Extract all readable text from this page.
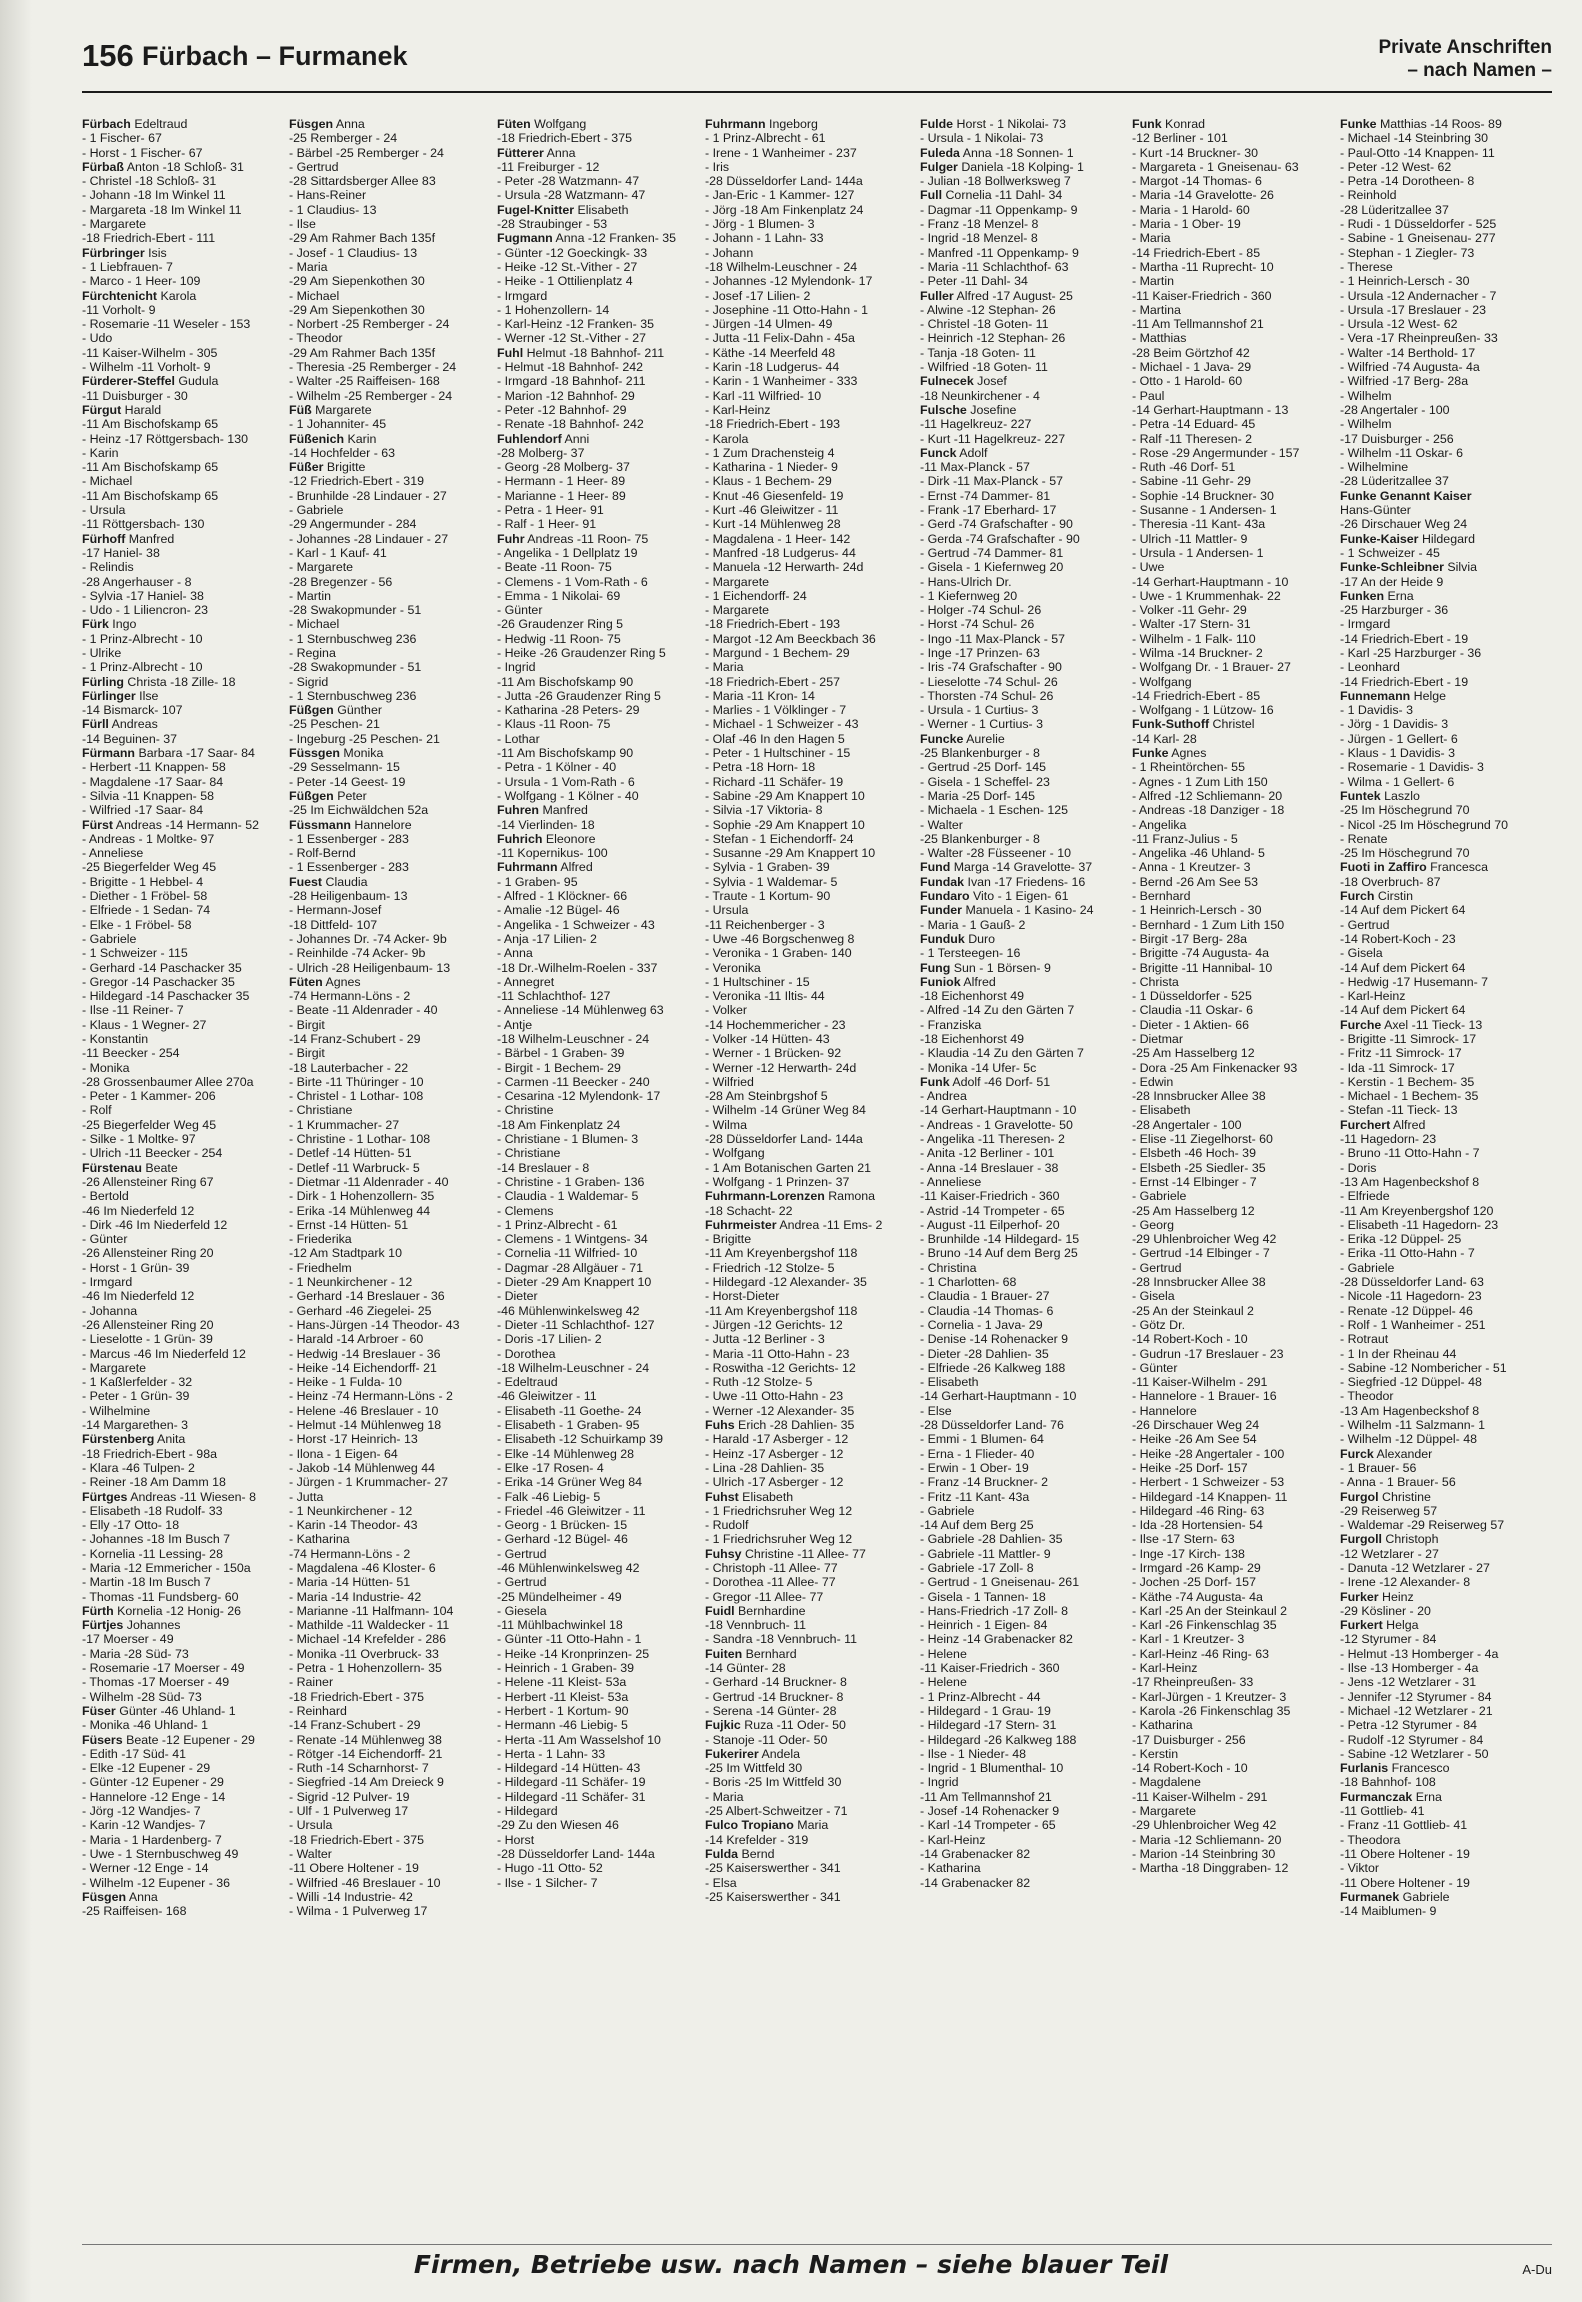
156 Fürbach – Furmanek	Private Anschriften
– nach Namen –
Fürbach Edeltraud
- 1 Fischer- 67
- Horst - 1 Fischer- 67
Fürbaß Anton -18 Schloß- 31
- Christel -18 Schloß- 31
- Johann -18 Im Winkel 11
- Margareta -18 Im Winkel 11
- Margarete
-18 Friedrich-Ebert - 111
Fürbringer Isis
- 1 Liebfrauen- 7
- Marco - 1 Heer- 109
Fürchtenicht Karola
-11 Vorholt- 9
- Rosemarie -11 Weseler - 153
- Udo
-11 Kaiser-Wilhelm - 305
- Wilhelm -11 Vorholt- 9
Fürderer-Steffel Gudula
-11 Duisburger - 30
Fürgut Harald
-11 Am Bischofskamp 65
- Heinz -17 Röttgersbach- 130
- Karin
-11 Am Bischofskamp 65
- Michael
-11 Am Bischofskamp 65
- Ursula
-11 Röttgersbach- 130
Fürhoff Manfred
-17 Haniel- 38
- Relindis
-28 Angerhauser - 8
- Sylvia -17 Haniel- 38
- Udo - 1 Liliencron- 23
Fürk Ingo
- 1 Prinz-Albrecht - 10
- Ulrike
- 1 Prinz-Albrecht - 10
Fürling Christa -18 Zille- 18
Fürlinger Ilse
-14 Bismarck- 107
Fürll Andreas
-14 Beguinen- 37
Fürmann Barbara -17 Saar- 84
- Herbert -11 Knappen- 58
- Magdalene -17 Saar- 84
- Silvia -11 Knappen- 58
- Wilfried -17 Saar- 84
Fürst Andreas -14 Hermann- 52
- Andreas - 1 Moltke- 97
- Anneliese
-25 Biegerfelder Weg 45
- Brigitte - 1 Hebbel- 4
- Diether - 1 Fröbel- 58
- Elfriede - 1 Sedan- 74
- Elke - 1 Fröbel- 58
- Gabriele
- 1 Schweizer - 115
- Gerhard -14 Paschacker 35
- Gregor -14 Paschacker 35
- Hildegard -14 Paschacker 35
- Ilse -11 Reiner- 7
- Klaus - 1 Wegner- 27
- Konstantin
-11 Beecker - 254
- Monika
-28 Grossenbaumer Allee 270a
- Peter - 1 Kammer- 206
- Rolf
-25 Biegerfelder Weg 45
- Silke - 1 Moltke- 97
- Ulrich -11 Beecker - 254
Fürstenau Beate
-26 Allensteiner Ring 67
- Bertold
-46 Im Niederfeld 12
- Dirk -46 Im Niederfeld 12
- Günter
-26 Allensteiner Ring 20
- Horst - 1 Grün- 39
- Irmgard
-46 Im Niederfeld 12
- Johanna
-26 Allensteiner Ring 20
- Lieselotte - 1 Grün- 39
- Marcus -46 Im Niederfeld 12
- Margarete
- 1 Kaßlerfelder - 32
- Peter - 1 Grün- 39
- Wilhelmine
-14 Margarethen- 3
Fürstenberg Anita
-18 Friedrich-Ebert - 98a
- Klara -46 Tulpen- 2
- Reiner -18 Am Damm 18
Fürtges Andreas -11 Wiesen- 8
- Elisabeth -18 Rudolf- 33
- Elly -17 Otto- 18
- Johannes -18 Im Busch 7
- Kornelia -11 Lessing- 28
- Maria -12 Emmericher - 150a
- Martin -18 Im Busch 7
- Thomas -11 Fundsberg- 60
Fürth Kornelia -12 Honig- 26
Fürtjes Johannes
-17 Moerser - 49
- Maria -28 Süd- 73
- Rosemarie -17 Moerser - 49
- Thomas -17 Moerser - 49
- Wilhelm -28 Süd- 73
Füser Günter -46 Uhland- 1
- Monika -46 Uhland- 1
Füsers Beate -12 Eupener - 29
- Edith -17 Süd- 41
- Elke -12 Eupener - 29
- Günter -12 Eupener - 29
- Hannelore -12 Enge - 14
- Jörg -12 Wandjes- 7
- Karin -12 Wandjes- 7
- Maria - 1 Hardenberg- 7
- Uwe - 1 Sternbuschweg 49
- Werner -12 Enge - 14
- Wilhelm -12 Eupener - 36
Füsgen Anna
-25 Raiffeisen- 168
Füsgen Anna
-25 Remberger - 24
- Bärbel -25 Remberger - 24
- Gertrud
-28 Sittardsberger Allee 83
- Hans-Reiner
- 1 Claudius- 13
- Ilse
-29 Am Rahmer Bach 135f
- Josef - 1 Claudius- 13
- Maria
-29 Am Siepenkothen 30
- Michael
-29 Am Siepenkothen 30
- Norbert -25 Remberger - 24
- Theodor
-29 Am Rahmer Bach 135f
- Theresia -25 Remberger - 24
- Walter -25 Raiffeisen- 168
- Wilhelm -25 Remberger - 24
Füß Margarete
- 1 Johanniter- 45
Füßenich Karin
-14 Hochfelder - 63
Füßer Brigitte
-12 Friedrich-Ebert - 319
- Brunhilde -28 Lindauer - 27
- Gabriele
-29 Angermunder - 284
- Johannes -28 Lindauer - 27
- Karl - 1 Kauf- 41
- Margarete
-28 Bregenzer - 56
- Martin
-28 Swakopmunder - 51
- Michael
- 1 Sternbuschweg 236
- Regina
-28 Swakopmunder - 51
- Sigrid
- 1 Sternbuschweg 236
Füßgen Günther
-25 Peschen- 21
- Ingeburg -25 Peschen- 21
Füssgen Monika
-29 Sesselmann- 15
- Peter -14 Geest- 19
Füßgen Peter
-25 Im Eichwäldchen 52a
Füssmann Hannelore
- 1 Essenberger - 283
- Rolf-Bernd
- 1 Essenberger - 283
Fuest Claudia
-28 Heiligenbaum- 13
- Hermann-Josef
-18 Dittfeld- 107
- Johannes Dr. -74 Acker- 9b
- Reinhilde -74 Acker- 9b
- Ulrich -28 Heiligenbaum- 13
Füten Agnes
-74 Hermann-Löns - 2
- Beate -11 Aldenrader - 40
- Birgit
-14 Franz-Schubert - 29
- Birgit
-18 Lauterbacher - 22
- Birte -11 Thüringer - 10
- Christel - 1 Lothar- 108
- Christiane
- 1 Krummacher- 27
- Christine - 1 Lothar- 108
- Detlef -14 Hütten- 51
- Detlef -11 Warbruck- 5
- Dietmar -11 Aldenrader - 40
- Dirk - 1 Hohenzollern- 35
- Erika -14 Mühlenweg 44
- Ernst -14 Hütten- 51
- Friederika
-12 Am Stadtpark 10
- Friedhelm
- 1 Neunkirchener - 12
- Gerhard -14 Breslauer - 36
- Gerhard -46 Ziegelei- 25
- Hans-Jürgen -14 Theodor- 43
- Harald -14 Arbroer - 60
- Hedwig -14 Breslauer - 36
- Heike -14 Eichendorff- 21
- Heike - 1 Fulda- 10
- Heinz -74 Hermann-Löns - 2
- Helene -46 Breslauer - 10
- Helmut -14 Mühlenweg 18
- Horst -17 Heinrich- 13
- Ilona - 1 Eigen- 64
- Jakob -14 Mühlenweg 44
- Jürgen - 1 Krummacher- 27
- Jutta
- 1 Neunkirchener - 12
- Karin -14 Theodor- 43
- Katharina
-74 Hermann-Löns - 2
- Magdalena -46 Kloster- 6
- Maria -14 Hütten- 51
- Maria -14 Industrie- 42
- Marianne -11 Halfmann- 104
- Mathilde -11 Waldecker - 11
- Michael -14 Krefelder - 286
- Monika -11 Overbruck- 33
- Petra - 1 Hohenzollern- 35
- Rainer
-18 Friedrich-Ebert - 375
- Reinhard
-14 Franz-Schubert - 29
- Renate -14 Mühlenweg 38
- Rötger -14 Eichendorff- 21
- Ruth -14 Scharnhorst- 7
- Siegfried -14 Am Dreieck 9
- Sigrid -12 Pulver- 19
- Ulf - 1 Pulverweg 17
- Ursula
-18 Friedrich-Ebert - 375
- Walter
-11 Obere Holtener - 19
- Wilfried -46 Breslauer - 10
- Willi -14 Industrie- 42
- Wilma - 1 Pulverweg 17
Füten Wolfgang
-18 Friedrich-Ebert - 375
Fütterer Anna
-11 Freiburger - 12
- Peter -28 Watzmann- 47
- Ursula -28 Watzmann- 47
Fugel-Knitter Elisabeth
-28 Straubinger - 53
Fugmann Anna -12 Franken- 35
- Günter -12 Goeckingk- 33
- Heike -12 St.-Vither - 27
- Heike - 1 Ottilienplatz 4
- Irmgard
- 1 Hohenzollern- 14
- Karl-Heinz -12 Franken- 35
- Werner -12 St.-Vither - 27
Fuhl Helmut -18 Bahnhof- 211
- Helmut -18 Bahnhof- 242
- Irmgard -18 Bahnhof- 211
- Marion -12 Bahnhof- 29
- Peter -12 Bahnhof- 29
- Renate -18 Bahnhof- 242
Fuhlendorf Anni
-28 Molberg- 37
- Georg -28 Molberg- 37
- Hermann - 1 Heer- 89
- Marianne - 1 Heer- 89
- Petra - 1 Heer- 91
- Ralf - 1 Heer- 91
Fuhr Andreas -11 Roon- 75
- Angelika - 1 Dellplatz 19
- Beate -11 Roon- 75
- Clemens - 1 Vom-Rath - 6
- Emma - 1 Nikolai- 69
- Günter
-26 Graudenzer Ring 5
- Hedwig -11 Roon- 75
- Heike -26 Graudenzer Ring 5
- Ingrid
-11 Am Bischofskamp 90
- Jutta -26 Graudenzer Ring 5
- Katharina -28 Peters- 29
- Klaus -11 Roon- 75
- Lothar
-11 Am Bischofskamp 90
- Petra - 1 Kölner - 40
- Ursula - 1 Vom-Rath - 6
- Wolfgang - 1 Kölner - 40
Fuhren Manfred
-14 Vierlinden- 18
Fuhrich Eleonore
-11 Kopernikus- 100
Fuhrmann Alfred
- 1 Graben- 95
- Alfred - 1 Klöckner- 66
- Amalie -12 Bügel- 46
- Angelika - 1 Schweizer - 43
- Anja -17 Lilien- 2
- Anna
-18 Dr.-Wilhelm-Roelen - 337
- Annegret
-11 Schlachthof- 127
- Anneliese -14 Mühlenweg 63
- Antje
-18 Wilhelm-Leuschner - 24
- Bärbel - 1 Graben- 39
- Birgit - 1 Bechem- 29
- Carmen -11 Beecker - 240
- Cesarina -12 Mylendonk- 17
- Christine
-18 Am Finkenplatz 24
- Christiane - 1 Blumen- 3
- Christiane
-14 Breslauer - 8
- Christine - 1 Graben- 136
- Claudia - 1 Waldemar- 5
- Clemens
- 1 Prinz-Albrecht - 61
- Clemens - 1 Wintgens- 34
- Cornelia -11 Wilfried- 10
- Dagmar -28 Allgäuer - 71
- Dieter -29 Am Knappert 10
- Dieter
-46 Mühlenwinkelsweg 42
- Dieter -11 Schlachthof- 127
- Doris -17 Lilien- 2
- Dorothea
-18 Wilhelm-Leuschner - 24
- Edeltraud
-46 Gleiwitzer - 11
- Elisabeth -11 Goethe- 24
- Elisabeth - 1 Graben- 95
- Elisabeth -12 Schuirkamp 39
- Elke -14 Mühlenweg 28
- Elke -17 Rosen- 4
- Erika -14 Grüner Weg 84
- Falk -46 Liebig- 5
- Friedel -46 Gleiwitzer - 11
- Georg - 1 Brücken- 15
- Gerhard -12 Bügel- 46
- Gertrud
-46 Mühlenwinkelsweg 42
- Gertrud
-25 Mündelheimer - 49
- Giesela
-11 Mühlbachwinkel 18
- Günter -11 Otto-Hahn - 1
- Heike -14 Kronprinzen- 25
- Heinrich - 1 Graben- 39
- Helene -11 Kleist- 53a
- Herbert -11 Kleist- 53a
- Herbert - 1 Kortum- 90
- Hermann -46 Liebig- 5
- Herta -11 Am Wasselshof 10
- Herta - 1 Lahn- 33
- Hildegard -14 Hütten- 43
- Hildegard -11 Schäfer- 19
- Hildegard -11 Schäfer- 31
- Hildegard
-29 Zu den Wiesen 46
- Horst
-28 Düsseldorfer Land- 144a
- Hugo -11 Otto- 52
- Ilse - 1 Silcher- 7
Fuhrmann Ingeborg
- 1 Prinz-Albrecht - 61
- Irene - 1 Wanheimer - 237
- Iris
-28 Düsseldorfer Land- 144a
- Jan-Eric - 1 Kammer- 127
- Jörg -18 Am Finkenplatz 24
- Jörg - 1 Blumen- 3
- Johann - 1 Lahn- 33
- Johann
-18 Wilhelm-Leuschner - 24
- Johannes -12 Mylendonk- 17
- Josef -17 Lilien- 2
- Josephine -11 Otto-Hahn - 1
- Jürgen -14 Ulmen- 49
- Jutta -11 Felix-Dahn - 45a
- Käthe -14 Meerfeld 48
- Karin -18 Ludgerus- 44
- Karin - 1 Wanheimer - 333
- Karl -11 Wilfried- 10
- Karl-Heinz
-18 Friedrich-Ebert - 193
- Karola
- 1 Zum Drachensteig 4
- Katharina - 1 Nieder- 9
- Klaus - 1 Bechem- 29
- Knut -46 Giesenfeld- 19
- Kurt -46 Gleiwitzer - 11
- Kurt -14 Mühlenweg 28
- Magdalena - 1 Heer- 142
- Manfred -18 Ludgerus- 44
- Manuela -12 Herwarth- 24d
- Margarete
- 1 Eichendorff- 24
- Margarete
-18 Friedrich-Ebert - 193
- Margot -12 Am Beeckbach 36
- Margund - 1 Bechem- 29
- Maria
-18 Friedrich-Ebert - 257
- Maria -11 Kron- 14
- Marlies - 1 Völklinger - 7
- Michael - 1 Schweizer - 43
- Olaf -46 In den Hagen 5
- Peter - 1 Hultschiner - 15
- Petra -18 Horn- 18
- Richard -11 Schäfer- 19
- Sabine -29 Am Knappert 10
- Silvia -17 Viktoria- 8
- Sophie -29 Am Knappert 10
- Stefan - 1 Eichendorff- 24
- Susanne -29 Am Knappert 10
- Sylvia - 1 Graben- 39
- Sylvia - 1 Waldemar- 5
- Traute - 1 Kortum- 90
- Ursula
-11 Reichenberger - 3
- Uwe -46 Borgschenweg 8
- Veronika - 1 Graben- 140
- Veronika
- 1 Hultschiner - 15
- Veronika -11 Iltis- 44
- Volker
-14 Hochemmericher - 23
- Volker -14 Hütten- 43
- Werner - 1 Brücken- 92
- Werner -12 Herwarth- 24d
- Wilfried
-28 Am Steinbrgshof 5
- Wilhelm -14 Grüner Weg 84
- Wilma
-28 Düsseldorfer Land- 144a
- Wolfgang
- 1 Am Botanischen Garten 21
- Wolfgang - 1 Prinzen- 37
Fuhrmann-Lorenzen Ramona
-18 Schacht- 22
Fuhrmeister Andrea -11 Ems- 2
- Brigitte
-11 Am Kreyenbergshof 118
- Friedrich -12 Stolze- 5
- Hildegard -12 Alexander- 35
- Horst-Dieter
-11 Am Kreyenbergshof 118
- Jürgen -12 Gerichts- 12
- Jutta -12 Berliner - 3
- Maria -11 Otto-Hahn - 23
- Roswitha -12 Gerichts- 12
- Ruth -12 Stolze- 5
- Uwe -11 Otto-Hahn - 23
- Werner -12 Alexander- 35
Fuhs Erich -28 Dahlien- 35
- Harald -17 Asberger - 12
- Heinz -17 Asberger - 12
- Lina -28 Dahlien- 35
- Ulrich -17 Asberger - 12
Fuhst Elisabeth
- 1 Friedrichsruher Weg 12
- Rudolf
- 1 Friedrichsruher Weg 12
Fuhsy Christine -11 Allee- 77
- Christoph -11 Allee- 77
- Dorothea -11 Allee- 77
- Gregor -11 Allee- 77
Fuidl Bernhardine
-18 Vennbruch- 11
- Sandra -18 Vennbruch- 11
Fuiten Bernhard
-14 Günter- 28
- Gerhard -14 Bruckner- 8
- Gertrud -14 Bruckner- 8
- Serena -14 Günter- 28
Fujkic Ruza -11 Oder- 50
- Stanoje -11 Oder- 50
Fukerirer Andela
-25 Im Wittfeld 30
- Boris -25 Im Wittfeld 30
- Maria
-25 Albert-Schweitzer - 71
Fulco Tropiano Maria
-14 Krefelder - 319
Fulda Bernd
-25 Kaiserswerther - 341
- Elsa
-25 Kaiserswerther - 341
Fulde Horst - 1 Nikolai- 73
- Ursula - 1 Nikolai- 73
Fuleda Anna -18 Sonnen- 1
Fulger Daniela -18 Kolping- 1
- Julian -18 Bollwerksweg 7
Full Cornelia -11 Dahl- 34
- Dagmar -11 Oppenkamp- 9
- Franz -18 Menzel- 8
- Ingrid -18 Menzel- 8
- Manfred -11 Oppenkamp- 9
- Maria -11 Schlachthof- 63
- Peter -11 Dahl- 34
Fuller Alfred -17 August- 25
- Alwine -12 Stephan- 26
- Christel -18 Goten- 11
- Heinrich -12 Stephan- 26
- Tanja -18 Goten- 11
- Wilfried -18 Goten- 11
Fulnecek Josef
-18 Neunkirchener - 4
Fulsche Josefine
-11 Hagelkreuz- 227
- Kurt -11 Hagelkreuz- 227
Funck Adolf
-11 Max-Planck - 57
- Dirk -11 Max-Planck - 57
- Ernst -74 Dammer- 81
- Frank -17 Eberhard- 17
- Gerd -74 Grafschafter - 90
- Gerda -74 Grafschafter - 90
- Gertrud -74 Dammer- 81
- Gisela - 1 Kiefernweg 20
- Hans-Ulrich Dr.
- 1 Kiefernweg 20
- Holger -74 Schul- 26
- Horst -74 Schul- 26
- Ingo -11 Max-Planck - 57
- Inge -17 Prinzen- 63
- Iris -74 Grafschafter - 90
- Lieselotte -74 Schul- 26
- Thorsten -74 Schul- 26
- Ursula - 1 Curtius- 3
- Werner - 1 Curtius- 3
Funcke Aurelie
-25 Blankenburger - 8
- Gertrud -25 Dorf- 145
- Gisela - 1 Scheffel- 23
- Maria -25 Dorf- 145
- Michaela - 1 Eschen- 125
- Walter
-25 Blankenburger - 8
- Walter -28 Füsseener - 10
Fund Marga -14 Gravelotte- 37
Fundak Ivan -17 Friedens- 16
Fundaro Vito - 1 Eigen- 61
Funder Manuela - 1 Kasino- 24
- Maria - 1 Gauß- 2
Funduk Duro
- 1 Tersteegen- 16
Fung Sun - 1 Börsen- 9
Funiok Alfred
-18 Eichenhorst 49
- Alfred -14 Zu den Gärten 7
- Franziska
-18 Eichenhorst 49
- Klaudia -14 Zu den Gärten 7
- Monika -14 Ufer- 5c
Funk Adolf -46 Dorf- 51
- Andrea
-14 Gerhart-Hauptmann - 10
- Andreas - 1 Gravelotte- 50
- Angelika -11 Theresen- 2
- Anita -12 Berliner - 101
- Anna -14 Breslauer - 38
- Anneliese
-11 Kaiser-Friedrich - 360
- Astrid -14 Trompeter - 65
- August -11 Eilperhof- 20
- Brunhilde -14 Hildegard- 15
- Bruno -14 Auf dem Berg 25
- Christina
- 1 Charlotten- 68
- Claudia - 1 Brauer- 27
- Claudia -14 Thomas- 6
- Cornelia - 1 Java- 29
- Denise -14 Rohenacker 9
- Dieter -28 Dahlien- 35
- Elfriede -26 Kalkweg 188
- Elisabeth
-14 Gerhart-Hauptmann - 10
- Else
-28 Düsseldorfer Land- 76
- Emmi - 1 Blumen- 64
- Erna - 1 Flieder- 40
- Erwin - 1 Ober- 19
- Franz -14 Bruckner- 2
- Fritz -11 Kant- 43a
- Gabriele
-14 Auf dem Berg 25
- Gabriele -28 Dahlien- 35
- Gabriele -11 Mattler- 9
- Gabriele -17 Zoll- 8
- Gertrud - 1 Gneisenau- 261
- Gisela - 1 Tannen- 18
- Hans-Friedrich -17 Zoll- 8
- Heinrich - 1 Eigen- 84
- Heinz -14 Grabenacker 82
- Helene
-11 Kaiser-Friedrich - 360
- Helene
- 1 Prinz-Albrecht - 44
- Hildegard - 1 Grau- 19
- Hildegard -17 Stern- 31
- Hildegard -26 Kalkweg 188
- Ilse - 1 Nieder- 48
- Ingrid - 1 Blumenthal- 10
- Ingrid
-11 Am Tellmannshof 21
- Josef -14 Rohenacker 9
- Karl -14 Trompeter - 65
- Karl-Heinz
-14 Grabenacker 82
- Katharina
-14 Grabenacker 82
Funk Konrad
-12 Berliner - 101
- Kurt -14 Bruckner- 30
- Margareta - 1 Gneisenau- 63
- Margot -14 Thomas- 6
- Maria -14 Gravelotte- 26
- Maria - 1 Harold- 60
- Maria - 1 Ober- 19
- Maria
-14 Friedrich-Ebert - 85
- Martha -11 Ruprecht- 10
- Martin
-11 Kaiser-Friedrich - 360
- Martina
-11 Am Tellmannshof 21
- Matthias
-28 Beim Görtzhof 42
- Michael - 1 Java- 29
- Otto - 1 Harold- 60
- Paul
-14 Gerhart-Hauptmann - 13
- Petra -14 Eduard- 45
- Ralf -11 Theresen- 2
- Rose -29 Angermunder - 157
- Ruth -46 Dorf- 51
- Sabine -11 Gehr- 29
- Sophie -14 Bruckner- 30
- Susanne - 1 Andersen- 1
- Theresia -11 Kant- 43a
- Ulrich -11 Mattler- 9
- Ursula - 1 Andersen- 1
- Uwe
-14 Gerhart-Hauptmann - 10
- Uwe - 1 Krummenhak- 22
- Volker -11 Gehr- 29
- Walter -17 Stern- 31
- Wilhelm - 1 Falk- 110
- Wilma -14 Bruckner- 2
- Wolfgang Dr. - 1 Brauer- 27
- Wolfgang
-14 Friedrich-Ebert - 85
- Wolfgang - 1 Lützow- 16
Funk-Suthoff Christel
-14 Karl- 28
Funke Agnes
- 1 Rheintörchen- 55
- Agnes - 1 Zum Lith 150
- Alfred -12 Schliemann- 20
- Andreas -18 Danziger - 18
- Angelika
-11 Franz-Julius - 5
- Angelika -46 Uhland- 5
- Anna - 1 Kreutzer- 3
- Bernd -26 Am See 53
- Bernhard
- 1 Heinrich-Lersch - 30
- Bernhard - 1 Zum Lith 150
- Birgit -17 Berg- 28a
- Brigitte -74 Augusta- 4a
- Brigitte -11 Hannibal- 10
- Christa
- 1 Düsseldorfer - 525
- Claudia -11 Oskar- 6
- Dieter - 1 Aktien- 66
- Dietmar
-25 Am Hasselberg 12
- Dora -25 Am Finkenacker 93
- Edwin
-28 Innsbrucker Allee 38
- Elisabeth
-28 Angertaler - 100
- Elise -11 Ziegelhorst- 60
- Elsbeth -46 Hoch- 39
- Elsbeth -25 Siedler- 35
- Ernst -14 Elbinger - 7
- Gabriele
-25 Am Hasselberg 12
- Georg
-29 Uhlenbroicher Weg 42
- Gertrud -14 Elbinger - 7
- Gertrud
-28 Innsbrucker Allee 38
- Gisela
-25 An der Steinkaul 2
- Götz Dr.
-14 Robert-Koch - 10
- Gudrun -17 Breslauer - 23
- Günter
-11 Kaiser-Wilhelm - 291
- Hannelore - 1 Brauer- 16
- Hannelore
-26 Dirschauer Weg 24
- Heike -26 Am See 54
- Heike -28 Angertaler - 100
- Heike -25 Dorf- 157
- Herbert - 1 Schweizer - 53
- Hildegard -14 Knappen- 11
- Hildegard -46 Ring- 63
- Ida -28 Hortensien- 54
- Ilse -17 Stern- 63
- Inge -17 Kirch- 138
- Irmgard -26 Kamp- 29
- Jochen -25 Dorf- 157
- Käthe -74 Augusta- 4a
- Karl -25 An der Steinkaul 2
- Karl -26 Finkenschlag 35
- Karl - 1 Kreutzer- 3
- Karl-Heinz -46 Ring- 63
- Karl-Heinz
-17 Rheinpreußen- 33
- Karl-Jürgen - 1 Kreutzer- 3
- Karola -26 Finkenschlag 35
- Katharina
-17 Duisburger - 256
- Kerstin
-14 Robert-Koch - 10
- Magdalene
-11 Kaiser-Wilhelm - 291
- Margarete
-29 Uhlenbroicher Weg 42
- Maria -12 Schliemann- 20
- Marion -14 Steinbring 30
- Martha -18 Dinggraben- 12
Funke Matthias -14 Roos- 89
- Michael -14 Steinbring 30
- Paul-Otto -14 Knappen- 11
- Peter -12 West- 62
- Petra -14 Dorotheen- 8
- Reinhold
-28 Lüderitzallee 37
- Rudi - 1 Düsseldorfer - 525
- Sabine - 1 Gneisenau- 277
- Stephan - 1 Ziegler- 73
- Therese
- 1 Heinrich-Lersch - 30
- Ursula -12 Andernacher - 7
- Ursula -17 Breslauer - 23
- Ursula -12 West- 62
- Vera -17 Rheinpreußen- 33
- Walter -14 Berthold- 17
- Wilfried -74 Augusta- 4a
- Wilfried -17 Berg- 28a
- Wilhelm
-28 Angertaler - 100
- Wilhelm
-17 Duisburger - 256
- Wilhelm -11 Oskar- 6
- Wilhelmine
-28 Lüderitzallee 37
Funke Genannt Kaiser
Hans-Günter
-26 Dirschauer Weg 24
Funke-Kaiser Hildegard
- 1 Schweizer - 45
Funke-Schleibner Silvia
-17 An der Heide 9
Funken Erna
-25 Harzburger - 36
- Irmgard
-14 Friedrich-Ebert - 19
- Karl -25 Harzburger - 36
- Leonhard
-14 Friedrich-Ebert - 19
Funnemann Helge
- 1 Davidis- 3
- Jörg - 1 Davidis- 3
- Jürgen - 1 Gellert- 6
- Klaus - 1 Davidis- 3
- Rosemarie - 1 Davidis- 3
- Wilma - 1 Gellert- 6
Funtek Laszlo
-25 Im Höschegrund 70
- Nicol -25 Im Höschegrund 70
- Renate
-25 Im Höschegrund 70
Fuoti in Zaffiro Francesca
-18 Overbruch- 87
Furch Cirstin
-14 Auf dem Pickert 64
- Gertrud
-14 Robert-Koch - 23
- Gisela
-14 Auf dem Pickert 64
- Hedwig -17 Husemann- 7
- Karl-Heinz
-14 Auf dem Pickert 64
Furche Axel -11 Tieck- 13
- Brigitte -11 Simrock- 17
- Fritz -11 Simrock- 17
- Ida -11 Simrock- 17
- Kerstin - 1 Bechem- 35
- Michael - 1 Bechem- 35
- Stefan -11 Tieck- 13
Furchert Alfred
-11 Hagedorn- 23
- Bruno -11 Otto-Hahn - 7
- Doris
-13 Am Hagenbeckshof 8
- Elfriede
-11 Am Kreyenbergshof 120
- Elisabeth -11 Hagedorn- 23
- Erika -12 Düppel- 25
- Erika -11 Otto-Hahn - 7
- Gabriele
-28 Düsseldorfer Land- 63
- Nicole -11 Hagedorn- 23
- Renate -12 Düppel- 46
- Rolf - 1 Wanheimer - 251
- Rotraut
- 1 In der Rheinau 44
- Sabine -12 Nombericher - 51
- Siegfried -12 Düppel- 48
- Theodor
-13 Am Hagenbeckshof 8
- Wilhelm -11 Salzmann- 1
- Wilhelm -12 Düppel- 48
Furck Alexander
- 1 Brauer- 56
- Anna - 1 Brauer- 56
Furgol Christine
-29 Reiserweg 57
- Waldemar -29 Reiserweg 57
Furgoll Christoph
-12 Wetzlarer - 27
- Danuta -12 Wetzlarer - 27
- Irene -12 Alexander- 8
Furker Heinz
-29 Kösliner - 20
Furkert Helga
-12 Styrumer - 84
- Helmut -13 Homberger - 4a
- Ilse -13 Homberger - 4a
- Jens -12 Wetzlarer - 31
- Jennifer -12 Styrumer - 84
- Michael -12 Wetzlarer - 21
- Petra -12 Styrumer - 84
- Rudolf -12 Styrumer - 84
- Sabine -12 Wetzlarer - 50
Furlanis Francesco
-18 Bahnhof- 108
Furmanczak Erna
-11 Gottlieb- 41
- Franz -11 Gottlieb- 41
- Theodora
-11 Obere Holtener - 19
- Viktor
-11 Obere Holtener - 19
Furmanek Gabriele
-14 Maiblumen- 9
Firmen, Betriebe usw. nach Namen – siehe blauer Teil	A-Du
